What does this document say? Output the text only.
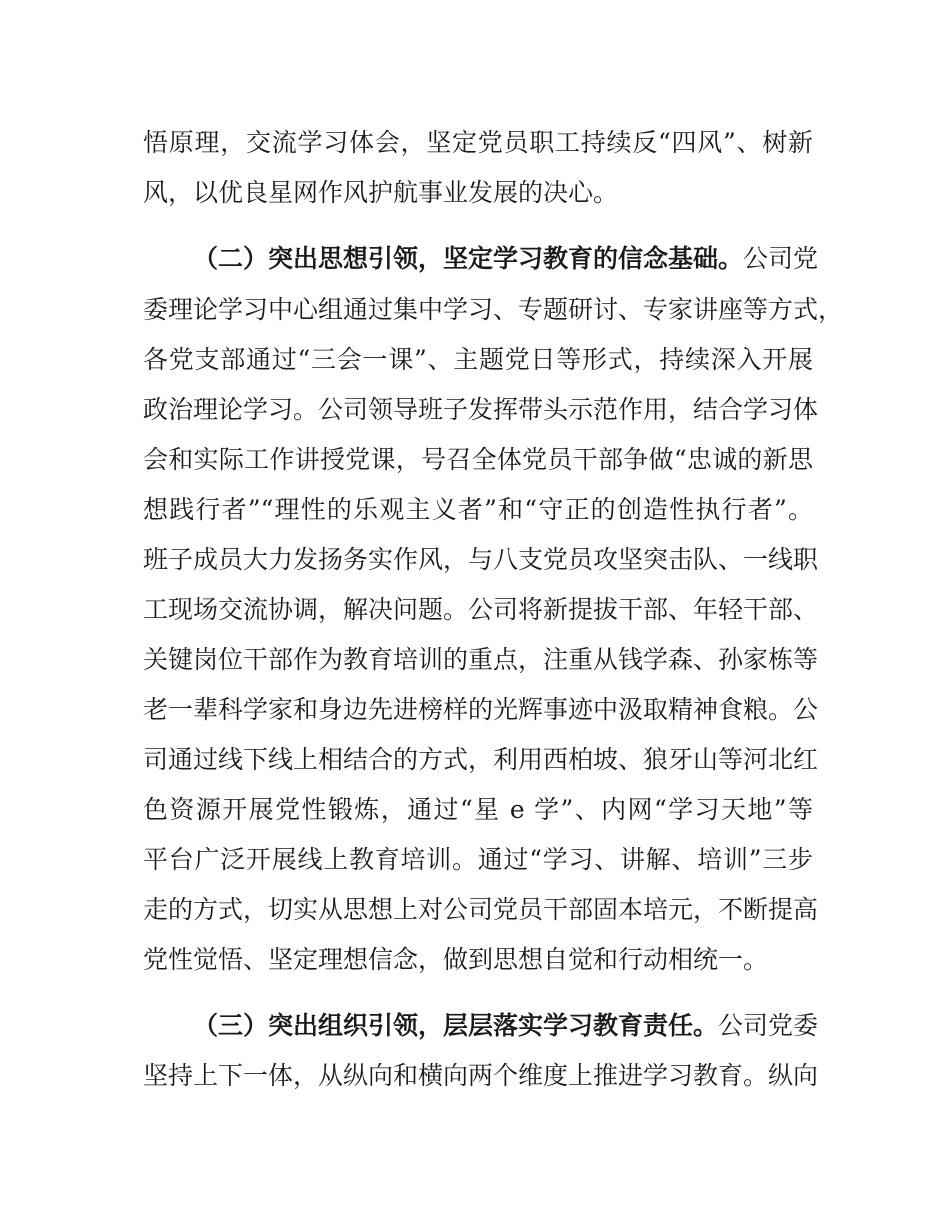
悟原理，交流学习体会，坚定党员职工持续反“四风”、树新
风，以优良星网作风护航事业发展的决心。
（二）突出思想引领，坚定学习教育的信念基础。公司党
委理论学习中心组通过集中学习、专题研讨、专家讲座等方式，
各党支部通过“三会一课”、主题党日等形式，持续深入开展
政治理论学习。公司领导班子发挥带头示范作用，结合学习体
会和实际工作讲授党课，号召全体党员干部争做“忠诚的新思
想践行者”“理性的乐观主义者”和“守正的创造性执行者”。
班子成员大力发扬务实作风，与八支党员攻坚突击队、一线职
工现场交流协调，解决问题。公司将新提拔干部、年轻干部、
关键岗位干部作为教育培训的重点，注重从钱学森、孙家栋等
老一辈科学家和身边先进榜样的光辉事迹中汲取精神食粮。公
司通过线下线上相结合的方式，利用西柏坡、狼牙山等河北红
色资源开展党性锻炼，通过“星 e 学”、内网“学习天地”等
平台广泛开展线上教育培训。通过“学习、讲解、培训”三步
走的方式，切实从思想上对公司党员干部固本培元，不断提高
党性觉悟、坚定理想信念，做到思想自觉和行动相统一。
（三）突出组织引领，层层落实学习教育责任。公司党委
坚持上下一体，从纵向和横向两个维度上推进学习教育。纵向
